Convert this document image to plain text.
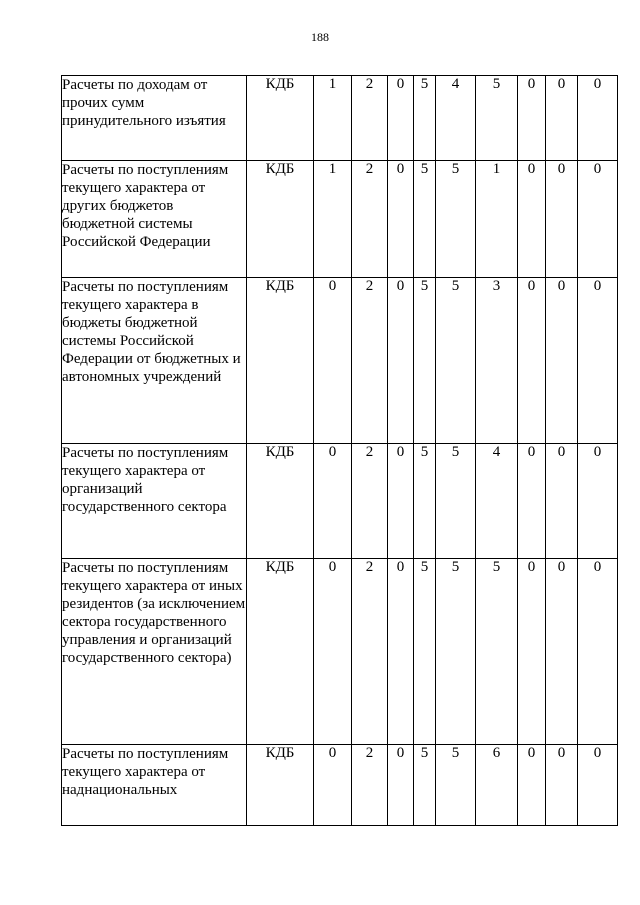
188
Расчеты по доходам от прочих сумм принудительного изъятия	КДБ	1	2	0	5	4	5	0	0	0
Расчеты по поступлениям текущего характера от других бюджетов бюджетной системы Российской Федерации	КДБ	1	2	0	5	5	1	0	0	0
Расчеты по поступлениям текущего характера в бюджеты бюджетной системы Российской Федерации от бюджетных и автономных учреждений	КДБ	0	2	0	5	5	3	0	0	0
Расчеты по поступлениям текущего характера от организаций государственного сектора	КДБ	0	2	0	5	5	4	0	0	0
Расчеты по поступлениям текущего характера от иных резидентов (за исключением сектора государственного управления и организаций государственного сектора)	КДБ	0	2	0	5	5	5	0	0	0
Расчеты по поступлениям текущего характера от наднациональных	КДБ	0	2	0	5	5	6	0	0	0
